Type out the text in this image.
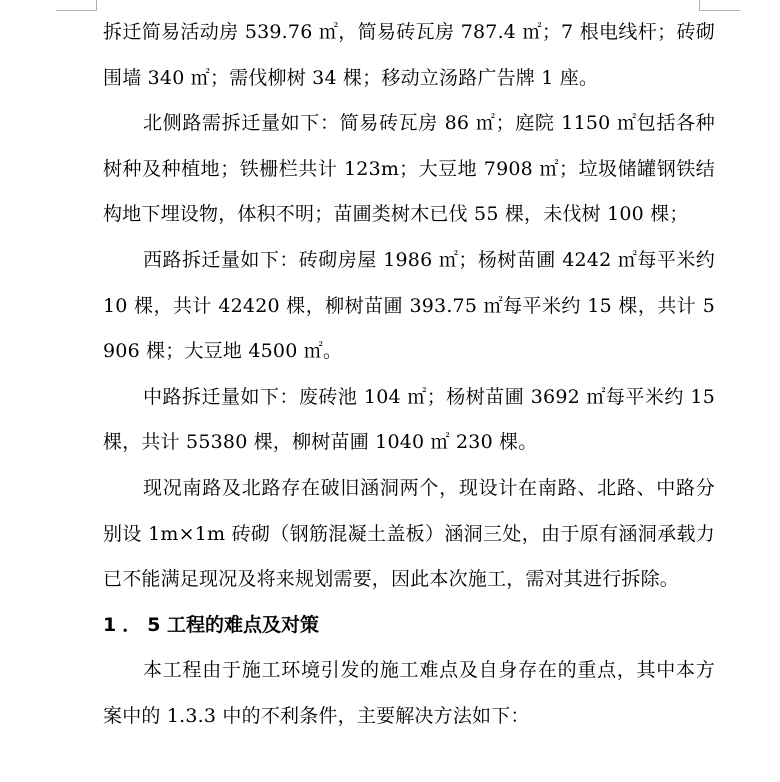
拆迁简易活动房 539.76 ㎡，简易砖瓦房 787.4 ㎡；7 根电线杆；砖砌围墙 340 ㎡；需伐柳树 34 棵；移动立汤路广告牌 1 座。

北侧路需拆迁量如下：简易砖瓦房 86 ㎡；庭院 1150 ㎡包括各种树种及种植地；铁栅栏共计 123m；大豆地 7908 ㎡；垃圾储罐钢铁结构地下埋设物，体积不明；苗圃类树木已伐 55 棵，未伐树 100 棵；

西路拆迁量如下：砖砌房屋 1986 ㎡；杨树苗圃 4242 ㎡每平米约 10 棵，共计 42420 棵，柳树苗圃 393.75 ㎡每平米约 15 棵，共计 5906 棵；大豆地 4500 ㎡。

中路拆迁量如下：废砖池 104 ㎡；杨树苗圃 3692 ㎡每平米约 15 棵，共计 55380 棵，柳树苗圃 1040 ㎡ 230 棵。

现况南路及北路存在破旧涵洞两个，现设计在南路、北路、中路分别设 1m×1m 砖砌（钢筋混凝土盖板）涵洞三处，由于原有涵洞承载力已不能满足现况及将来规划需要，因此本次施工，需对其进行拆除。

1．5工程的难点及对策

本工程由于施工环境引发的施工难点及自身存在的重点，其中本方案中的 1.3.3 中的不利条件，主要解决方法如下：
